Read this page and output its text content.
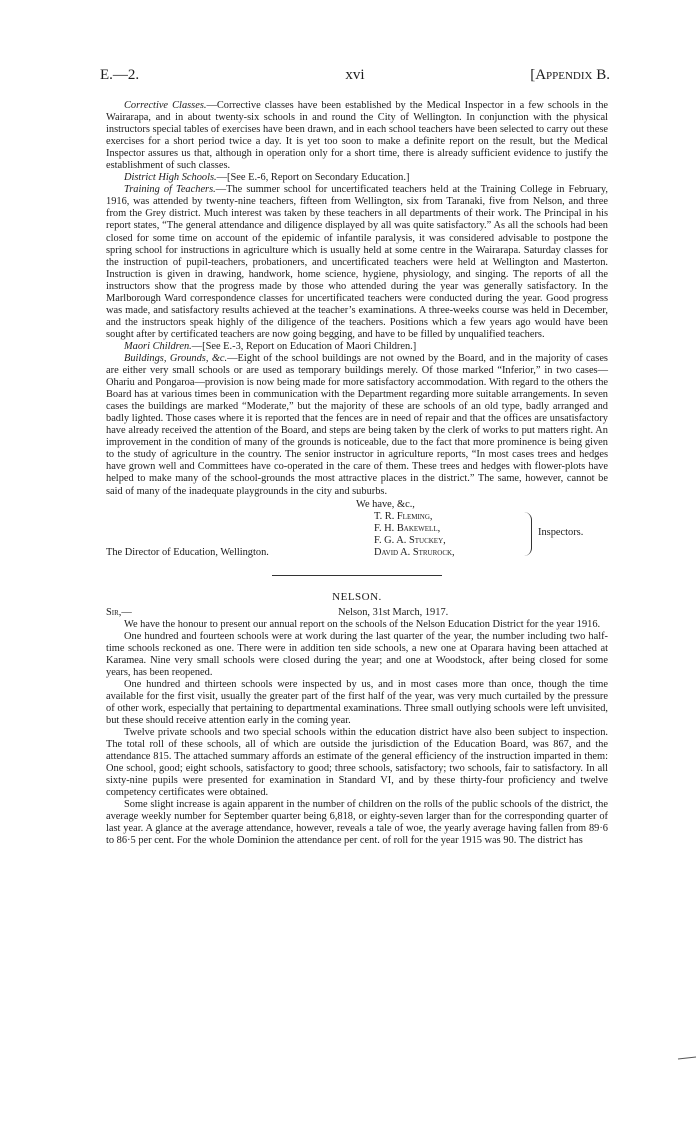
E.—2.	xvi	[Appendix B.

Corrective Classes.—Corrective classes have been established by the Medical Inspector in a few schools in the Wairarapa, and in about twenty-six schools in and round the City of Wellington. In conjunction with the physical instructors special tables of exercises have been drawn, and in each school teachers have been selected to carry out these exercises for a short period twice a day. It is yet too soon to make a definite report on the result, but the Medical Inspector assures us that, although in operation only for a short time, there is already sufficient evidence to justify the establishment of such classes.

District High Schools.—[See E.-6, Report on Secondary Education.]

Training of Teachers.—The summer school for uncertificated teachers held at the Training College in February, 1916, was attended by twenty-nine teachers, fifteen from Wellington, six from Taranaki, five from Nelson, and three from the Grey district. Much interest was taken by these teachers in all departments of their work. The Principal in his report states, “The general attendance and diligence displayed by all was quite satisfactory.” As all the schools had been closed for some time on account of the epidemic of infantile paralysis, it was considered advisable to postpone the spring school for instructions in agriculture which is usually held at some centre in the Wairarapa. Saturday classes for the instruction of pupil-teachers, probationers, and uncertificated teachers were held at Wellington and Masterton. Instruction is given in drawing, handwork, home science, hygiene, physiology, and singing. The reports of all the instructors show that the progress made by those who attended during the year was generally satisfactory. In the Marlborough Ward correspondence classes for uncertificated teachers were conducted during the year. Good progress was made, and satisfactory results achieved at the teacher’s examinations. A three-weeks course was held in December, and the instructors speak highly of the diligence of the teachers. Positions which a few years ago would have been sought after by certificated teachers are now going begging, and have to be filled by unqualified teachers.

Maori Children.—[See E.-3, Report on Education of Maori Children.]

Buildings, Grounds, &c.—Eight of the school buildings are not owned by the Board, and in the majority of cases are either very small schools or are used as temporary buildings merely. Of those marked “Inferior,” in two cases—Ohariu and Pongaroa—provision is now being made for more satisfactory accommodation. With regard to the others the Board has at various times been in communication with the Department regarding more suitable arrangements. In seven cases the buildings are marked “Moderate,” but the majority of these are schools of an old type, badly arranged and badly lighted. Those cases where it is reported that the fences are in need of repair and that the offices are unsatisfactory have already received the attention of the Board, and steps are being taken by the clerk of works to put matters right. An improvement in the condition of many of the grounds is noticeable, due to the fact that more prominence is being given to the study of agriculture in the country. The senior instructor in agriculture reports, “In most cases trees and hedges have grown well and Committees have co-operated in the care of them. These trees and hedges with flower-plots have helped to make many of the school-grounds the most attractive places in the district.” The same, however, cannot be said of many of the inadequate playgrounds in the city and suburbs.

We have, &c.,
T. R. Fleming,
F. H. Bakewell,
F. G. A. Stuckey,
David A. Strurock,
Inspectors.
The Director of Education, Wellington.
NELSON.
Sir,—	Nelson, 31st March, 1917.

We have the honour to present our annual report on the schools of the Nelson Education District for the year 1916.

One hundred and fourteen schools were at work during the last quarter of the year, the number including two half-time schools reckoned as one. There were in addition ten side schools, a new one at Oparara having been attached at Karamea. Nine very small schools were closed during the year; and one at Woodstock, after being closed for some years, has been reopened.

One hundred and thirteen schools were inspected by us, and in most cases more than once, though the time available for the first visit, usually the greater part of the first half of the year, was very much curtailed by the pressure of other work, especially that pertaining to departmental examinations. Three small outlying schools were left unvisited, but these should receive attention early in the coming year.

Twelve private schools and two special schools within the education district have also been subject to inspection. The total roll of these schools, all of which are outside the jurisdiction of the Education Board, was 867, and the attendance 815. The attached summary affords an estimate of the general efficiency of the instruction imparted in them: One school, good; eight schools, satisfactory to good; three schools, satisfactory; two schools, fair to satisfactory. In all sixty-nine pupils were presented for examination in Standard VI, and by these thirty-four proficiency and twelve competency certificates were obtained.

Some slight increase is again apparent in the number of children on the rolls of the public schools of the district, the average weekly number for September quarter being 6,818, or eighty-seven larger than for the corresponding quarter of last year. A glance at the average attendance, however, reveals a tale of woe, the yearly average having fallen from 89·6 to 86·5 per cent. For the whole Dominion the attendance per cent. of roll for the year 1915 was 90. The district has
